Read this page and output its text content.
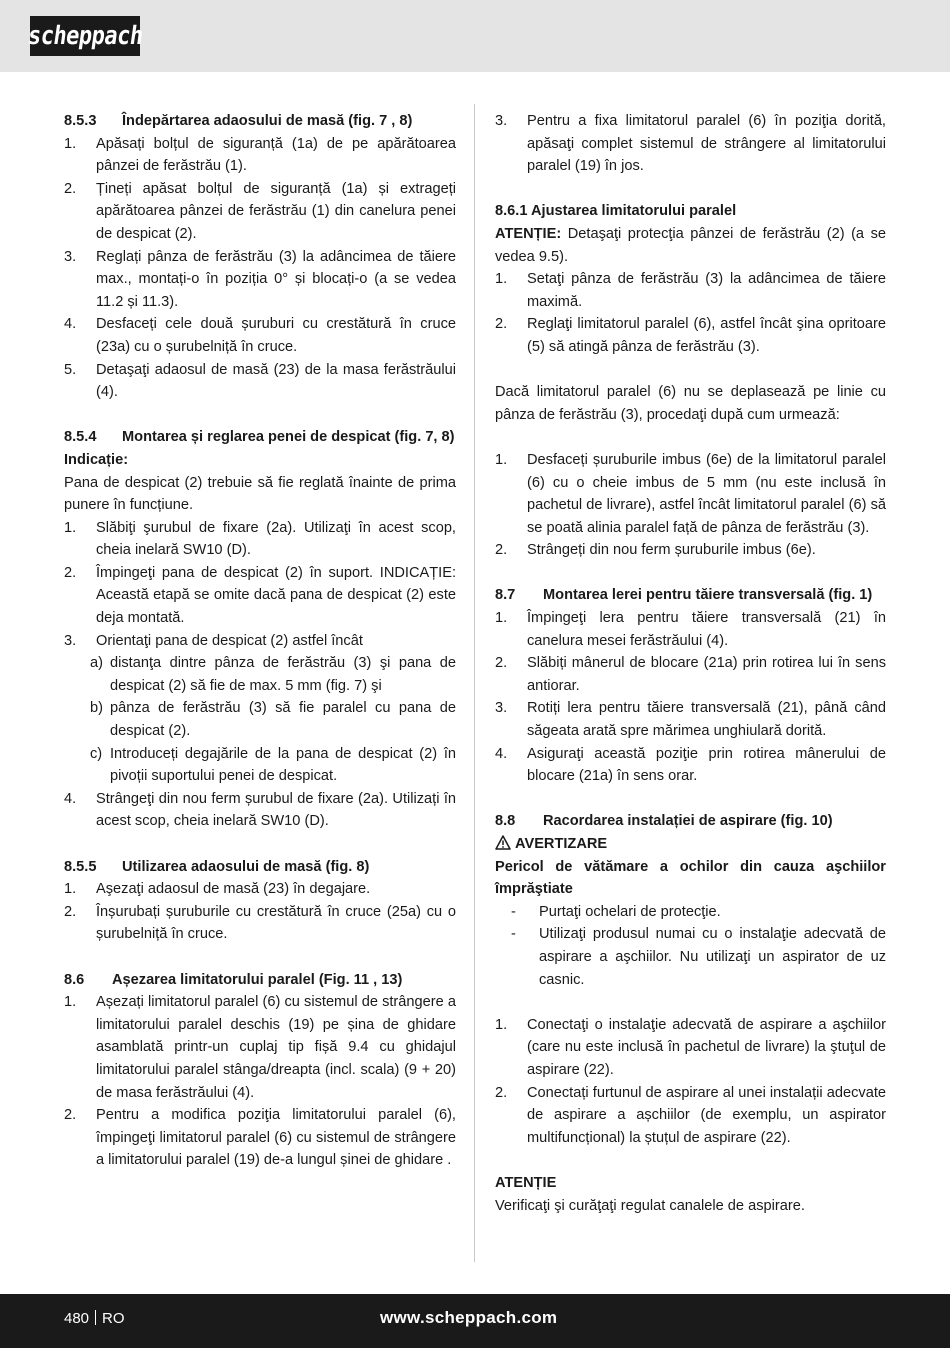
scheppach
8.5.3	Îndepărtarea adaosului de masă (fig. 7 , 8)
1.	Apăsați bolțul de siguranță (1a) de pe apărătoarea pânzei de ferăstrău (1).
2.	Țineți apăsat bolțul de siguranță (1a) și extrageți apărătoarea pânzei de ferăstrău (1) din canelura penei de despicat (2).
3.	Reglați pânza de ferăstrău (3) la adâncimea de tăiere max., montați-o în poziția 0° și blocați-o (a se vedea 11.2 și 11.3).
4.	Desfaceți cele două șuruburi cu crestătură în cruce (23a) cu o șurubelniță în cruce.
5.	Detaşaţi adaosul de masă (23) de la masa ferăstrăului (4).
8.5.4	Montarea și reglarea penei de despicat (fig. 7, 8)
Indicație:
Pana de despicat (2) trebuie să fie reglată înainte de prima punere în funcțiune.
1.	Slăbiţi şurubul de fixare (2a). Utilizaţi în acest scop, cheia inelară SW10 (D).
2.	Împingeţi pana de despicat (2) în suport. INDICAȚIE: Această etapă se omite dacă pana de despicat (2) este deja montată.
3.	Orientaţi pana de despicat (2) astfel încât
a) distanţa dintre pânza de ferăstrău (3) şi pana de despicat (2) să fie de max. 5 mm (fig. 7) şi
b) pânza de ferăstrău (3) să fie paralel cu pana de despicat (2).
c) Introduceți degajările de la pana de despicat (2) în pivoții suportului penei de despicat.
4.	Strângeţi din nou ferm șurubul de fixare (2a). Utilizați în acest scop, cheia inelară SW10 (D).
8.5.5	Utilizarea adaosului de masă (fig. 8)
1.	Aşezaţi adaosul de masă (23) în degajare.
2.	Înșurubați șuruburile cu crestătură în cruce (25a) cu o șurubelniță în cruce.
8.6	Așezarea limitatorului paralel (Fig. 11 , 13)
1.	Așezați limitatorul paralel (6) cu sistemul de strângere a limitatorului paralel deschis (19) pe șina de ghidare asamblată printr-un cuplaj tip fișă 9.4 cu ghidajul limitatorului paralel stânga/dreapta (incl. scala) (9 + 20) de masa ferăstrăului (4).
2.	Pentru a modifica poziţia limitatorului paralel (6), împingeţi limitatorul paralel (6) cu sistemul de strângere a limitatorului paralel (19) de-a lungul șinei de ghidare .
3.	Pentru a fixa limitatorul paralel (6) în poziţia dorită, apăsaţi complet sistemul de strângere al limitatorului paralel (19) în jos.
8.6.1 Ajustarea limitatorului paralel
ATENȚIE: Detaşaţi protecţia pânzei de ferăstrău (2) (a se vedea 9.5).
1.	Setaţi pânza de ferăstrău (3) la adâncimea de tăiere maximă.
2.	Reglaţi limitatorul paralel (6), astfel încât şina opritoare (5) să atingă pânza de ferăstrău (3).
Dacă limitatorul paralel (6) nu se deplasează pe linie cu pânza de ferăstrău (3), procedaţi după cum urmează:
1.	Desfaceți șuruburile imbus (6e) de la limitatorul paralel (6) cu o cheie imbus de 5 mm (nu este inclusă în pachetul de livrare), astfel încât limitatorul paralel (6) să se poată alinia paralel față de pânza de ferăstrău (3).
2.	Strângeți din nou ferm șuruburile imbus (6e).
8.7	Montarea lerei pentru tăiere transversală (fig. 1)
1.	Împingeţi lera pentru tăiere transversală (21) în canelura mesei ferăstrăului (4).
2.	Slăbiți mânerul de blocare (21a) prin rotirea lui în sens antiorar.
3.	Rotiți lera pentru tăiere transversală (21), până când săgeata arată spre mărimea unghiulară dorită.
4.	Asiguraţi această poziţie prin rotirea mânerului de blocare (21a) în sens orar.
8.8	Racordarea instalației de aspirare (fig. 10)
AVERTIZARE
Pericol de vătămare a ochilor din cauza aşchiilor împrăştiate
-	Purtaţi ochelari de protecţie.
-	Utilizaţi produsul numai cu o instalaţie adecvată de aspirare a aşchiilor. Nu utilizaţi un aspirator de uz casnic.
1.	Conectaţi o instalaţie adecvată de aspirare a aşchiilor (care nu este inclusă în pachetul de livrare) la ştuţul de aspirare (22).
2.	Conectați furtunul de aspirare al unei instalații adecvate de aspirare a așchiilor (de exemplu, un aspirator multifuncțional) la ștuțul de aspirare (22).
ATENȚIE
Verificaţi şi curăţaţi regulat canalele de aspirare.
480 RO	www.scheppach.com
